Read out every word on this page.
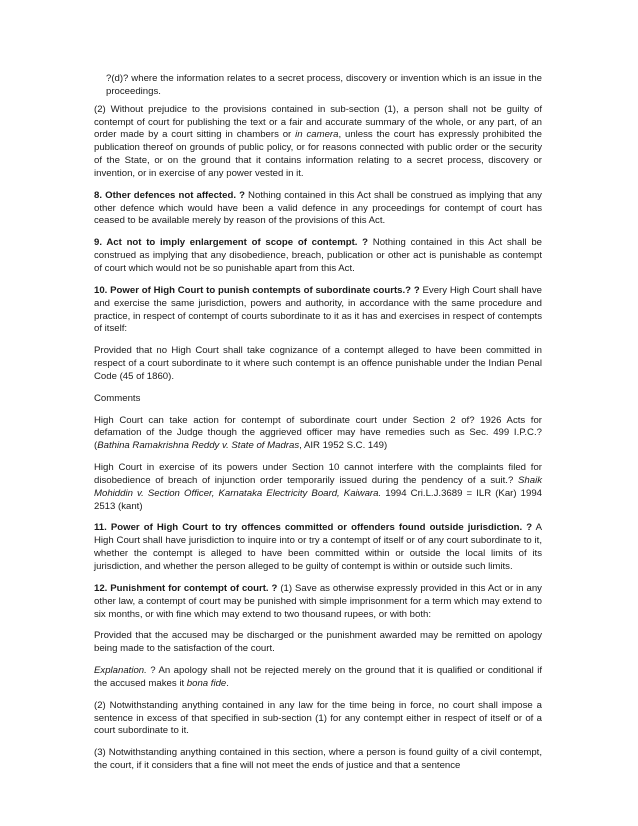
?(d)? where the information relates to a secret process, discovery or invention which is an issue in the proceedings.

(2) Without prejudice to the provisions contained in sub-section (1), a person shall not be guilty of contempt of court for publishing the text or a fair and accurate summary of the whole, or any part, of an order made by a court sitting in chambers or in camera, unless the court has expressly prohibited the publication thereof on grounds of public policy, or for reasons connected with public order or the security of the State, or on the ground that it contains information relating to a secret process, discovery or invention, or in exercise of any power vested in it.

8. Other defences not affected. ? Nothing contained in this Act shall be construed as implying that any other defence which would have been a valid defence in any proceedings for contempt of court has ceased to be available merely by reason of the provisions of this Act.

9. Act not to imply enlargement of scope of contempt. ? Nothing contained in this Act shall be construed as implying that any disobedience, breach, publication or other act is punishable as contempt of court which would not be so punishable apart from this Act.

10. Power of High Court to punish contempts of subordinate courts.? ? Every High Court shall have and exercise the same jurisdiction, powers and authority, in accordance with the same procedure and practice, in respect of contempt of courts subordinate to it as it has and exercises in respect of contempts of itself:

Provided that no High Court shall take cognizance of a contempt alleged to have been committed in respect of a court subordinate to it where such contempt is an offence punishable under the Indian Penal Code (45 of 1860).

Comments

High Court can take action for contempt of subordinate court under Section 2 of? 1926 Acts for defamation of the Judge though the aggrieved officer may have remedies such as Sec. 499 I.P.C.? (Bathina Ramakrishna Reddy v. State of Madras, AIR 1952 S.C. 149)

High Court in exercise of its powers under Section 10 cannot interfere with the complaints filed for disobedience of breach of injunction order temporarily issued during the pendency of a suit.? Shaik Mohiddin v. Section Officer, Karnataka Electricity Board, Kaiwara. 1994 Cri.L.J.3689 = ILR (Kar) 1994 2513 (kant)

11. Power of High Court to try offences committed or offenders found outside jurisdiction. ? A High Court shall have jurisdiction to inquire into or try a contempt of itself or of any court subordinate to it, whether the contempt is alleged to have been committed within or outside the local limits of its jurisdiction, and whether the person alleged to be guilty of contempt is within or outside such limits.

12. Punishment for contempt of court. ? (1) Save as otherwise expressly provided in this Act or in any other law, a contempt of court may be punished with simple imprisonment for a term which may extend to six months, or with fine which may extend to two thousand rupees, or with both:

Provided that the accused may be discharged or the punishment awarded may be remitted on apology being made to the satisfaction of the court.

Explanation. ? An apology shall not be rejected merely on the ground that it is qualified or conditional if the accused makes it bona fide.

(2) Notwithstanding anything contained in any law for the time being in force, no court shall impose a sentence in excess of that specified in sub-section (1) for any contempt either in respect of itself or of a court subordinate to it.

(3) Notwithstanding anything contained in this section, where a person is found guilty of a civil contempt, the court, if it considers that a fine will not meet the ends of justice and that a sentence
